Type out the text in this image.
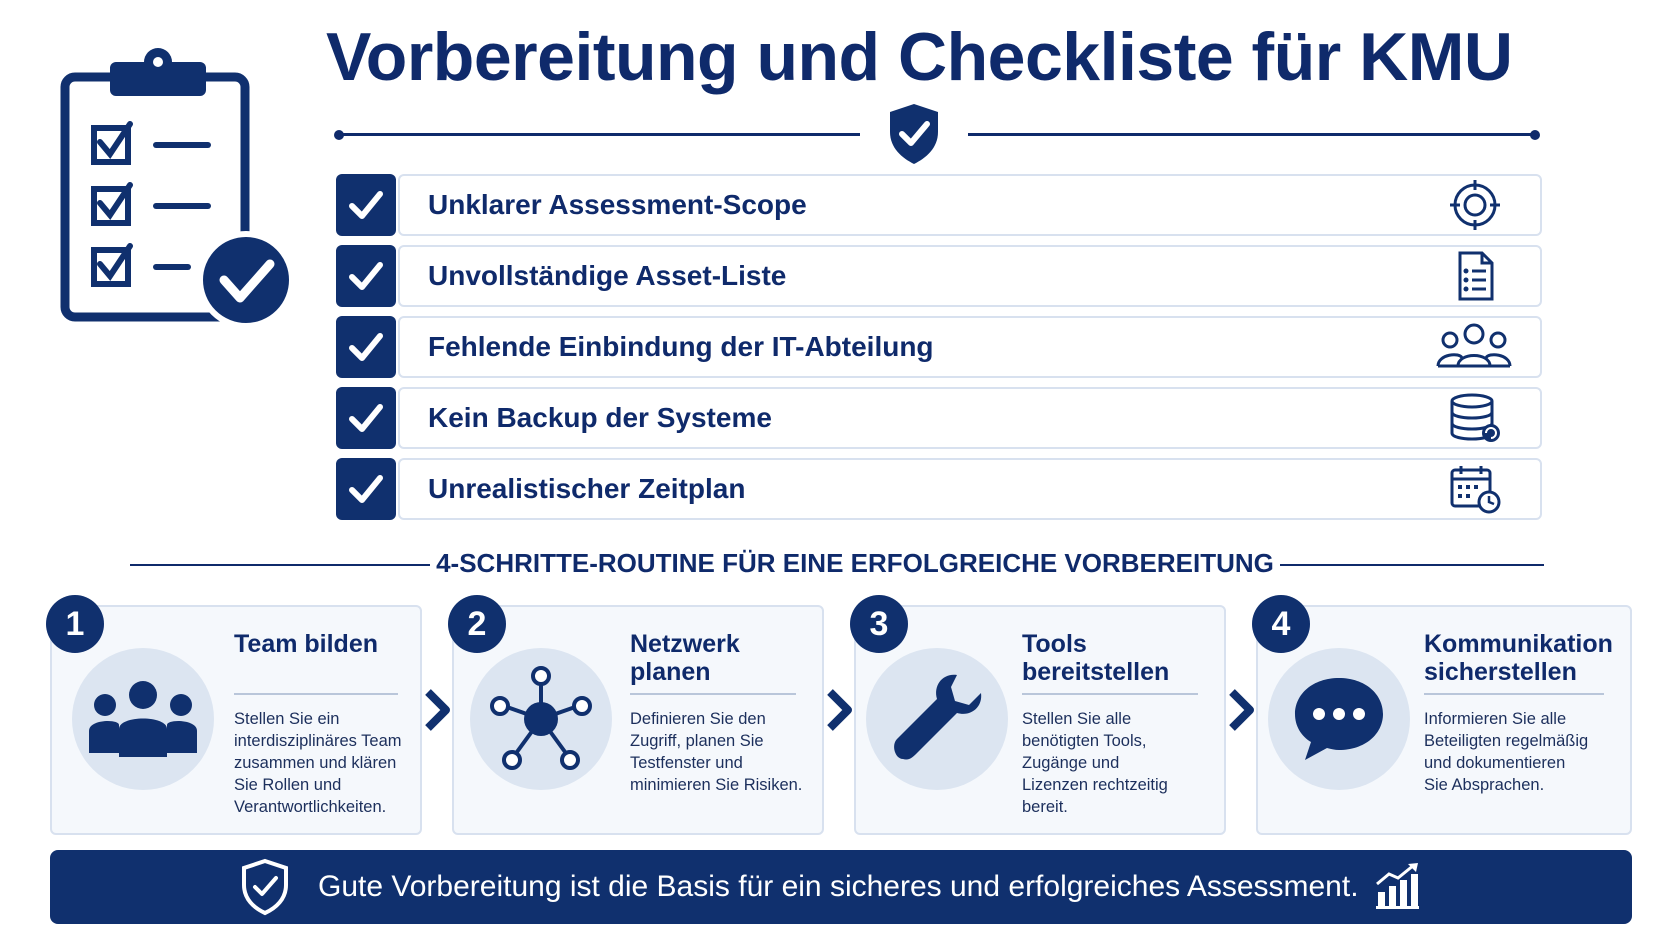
Vorbereitung und Checkliste für KMU
Unklarer Assessment-Scope
Unvollständige Asset-Liste
Fehlende Einbindung der IT-Abteilung
Kein Backup der Systeme
Unrealistischer Zeitplan
4-SCHRITTE-ROUTINE FÜR EINE ERFOLGREICHE VORBEREITUNG
1
Team bilden
Stellen Sie ein
interdisziplinäres Team
zusammen und klären
Sie Rollen und
Verantwortlichkeiten.
2
Netzwerk
planen
Definieren Sie den
Zugriff, planen Sie
Testfenster und
minimieren Sie Risiken.
3
Tools
bereitstellen
Stellen Sie alle
benötigten Tools,
Zugänge und
Lizenzen rechtzeitig
bereit.
4
Kommunikation
sicherstellen
Informieren Sie alle
Beteiligten regelmäßig
und dokumentieren
Sie Absprachen.
Gute Vorbereitung ist die Basis für ein sicheres und erfolgreiches Assessment.
